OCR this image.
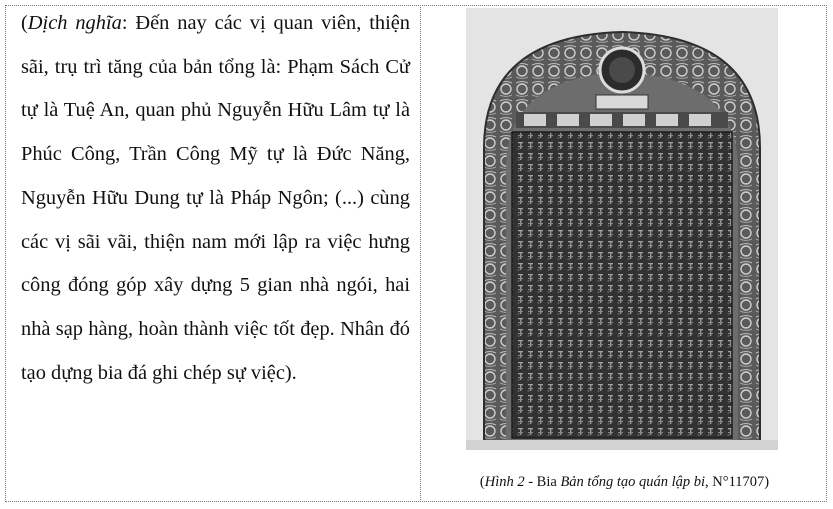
(Dịch nghĩa: Đến nay các vị quan viên, thiện sãi, trụ trì tăng của bản tổng là: Phạm Sách Cử tự là Tuệ An, quan phủ Nguyễn Hữu Lâm tự là Phúc Công, Trần Công Mỹ tự là Đức Năng, Nguyễn Hữu Dung tự là Pháp Ngôn; (...) cùng các vị sãi vãi, thiện nam mới lập ra việc hưng công đóng góp xây dựng 5 gian nhà ngói, hai nhà sạp hàng, hoàn thành việc tốt đẹp. Nhân đó tạo dựng bia đá ghi chép sự việc).

(Hình 2 - Bia Bản tổng tạo quán lập bi, N°11707)
